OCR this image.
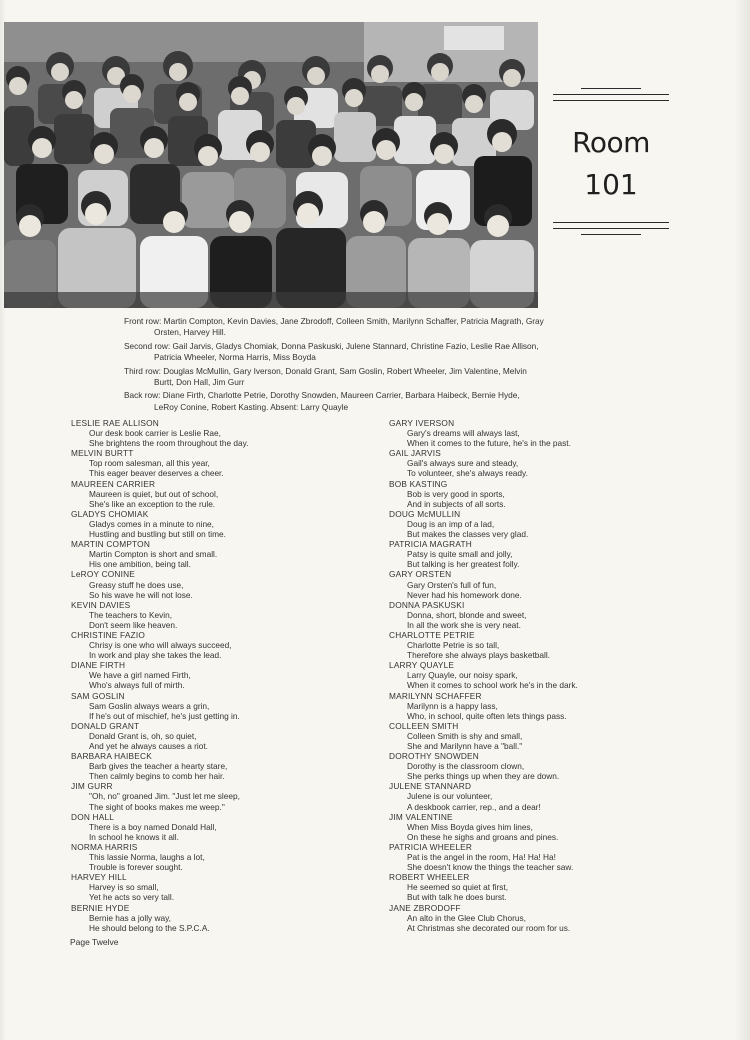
Room
101

Front row: Martin Compton, Kevin Davies, Jane Zbrodoff, Colleen Smith, Marilynn Schaffer, Patricia Magrath, Gray Orsten, Harvey Hill.

Second row: Gail Jarvis, Gladys Chomiak, Donna Paskuski, Julene Stannard, Christine Fazio, Leslie Rae Allison, Patricia Wheeler, Norma Harris, Miss Boyda

Third row: Douglas McMullin, Gary Iverson, Donald Grant, Sam Goslin, Robert Wheeler, Jim Valentine, Melvin Burtt, Don Hall, Jim Gurr

Back row: Diane Firth, Charlotte Petrie, Dorothy Snowden, Maureen Carrier, Barbara Haibeck, Bernie Hyde, LeRoy Conine, Robert Kasting. Absent: Larry Quayle

LESLIE RAE ALLISON
Our desk book carrier is Leslie Rae,
She brightens the room throughout the day.
MELVIN BURTT
Top room salesman, all this year,
This eager beaver deserves a cheer.
MAUREEN CARRIER
Maureen is quiet, but out of school,
She's like an exception to the rule.
GLADYS CHOMIAK
Gladys comes in a minute to nine,
Hustling and bustling but still on time.
MARTIN COMPTON
Martin Compton is short and small.
His one ambition, being tall.
LeROY CONINE
Greasy stuff he does use,
So his wave he will not lose.
KEVIN DAVIES
The teachers to Kevin,
Don't seem like heaven.
CHRISTINE FAZIO
Chrisy is one who will always succeed,
In work and play she takes the lead.
DIANE FIRTH
We have a girl named Firth,
Who's always full of mirth.
SAM GOSLIN
Sam Goslin always wears a grin,
If he's out of mischief, he's just getting in.
DONALD GRANT
Donald Grant is, oh, so quiet,
And yet he always causes a riot.
BARBARA HAIBECK
Barb gives the teacher a hearty stare,
Then calmly begins to comb her hair.
JIM GURR
"Oh, no" groaned Jim. "Just let me sleep,
The sight of books makes me weep."
DON HALL
There is a boy named Donald Hall,
In school he knows it all.
NORMA HARRIS
This lassie Norma, laughs a lot,
Trouble is forever sought.
HARVEY HILL
Harvey is so small,
Yet he acts so very tall.
BERNIE HYDE
Bernie has a jolly way,
He should belong to the S.P.C.A.
GARY IVERSON
Gary's dreams will always last,
When it comes to the future, he's in the past.
GAIL JARVIS
Gail's always sure and steady,
To volunteer, she's always ready.
BOB KASTING
Bob is very good in sports,
And in subjects of all sorts.
DOUG McMULLIN
Doug is an imp of a lad,
But makes the classes very glad.
PATRICIA MAGRATH
Patsy is quite small and jolly,
But talking is her greatest folly.
GARY ORSTEN
Gary Orsten's full of fun,
Never had his homework done.
DONNA PASKUSKI
Donna, short, blonde and sweet,
In all the work she is very neat.
CHARLOTTE PETRIE
Charlotte Petrie is so tall,
Therefore she always plays basketball.
LARRY QUAYLE
Larry Quayle, our noisy spark,
When it comes to school work he's in the dark.
MARILYNN SCHAFFER
Marilynn is a happy lass,
Who, in school, quite often lets things pass.
COLLEEN SMITH
Colleen Smith is shy and small,
She and Marilynn have a "ball."
DOROTHY SNOWDEN
Dorothy is the classroom clown,
She perks things up when they are down.
JULENE STANNARD
Julene is our volunteer,
A deskbook carrier, rep., and a dear!
JIM VALENTINE
When Miss Boyda gives him lines,
On these he sighs and groans and pines.
PATRICIA WHEELER
Pat is the angel in the room, Ha! Ha! Ha!
She doesn't know the things the teacher saw.
ROBERT WHEELER
He seemed so quiet at first,
But with talk he does burst.
JANE ZBRODOFF
An alto in the Glee Club Chorus,
At Christmas she decorated our room for us.
Page Twelve
